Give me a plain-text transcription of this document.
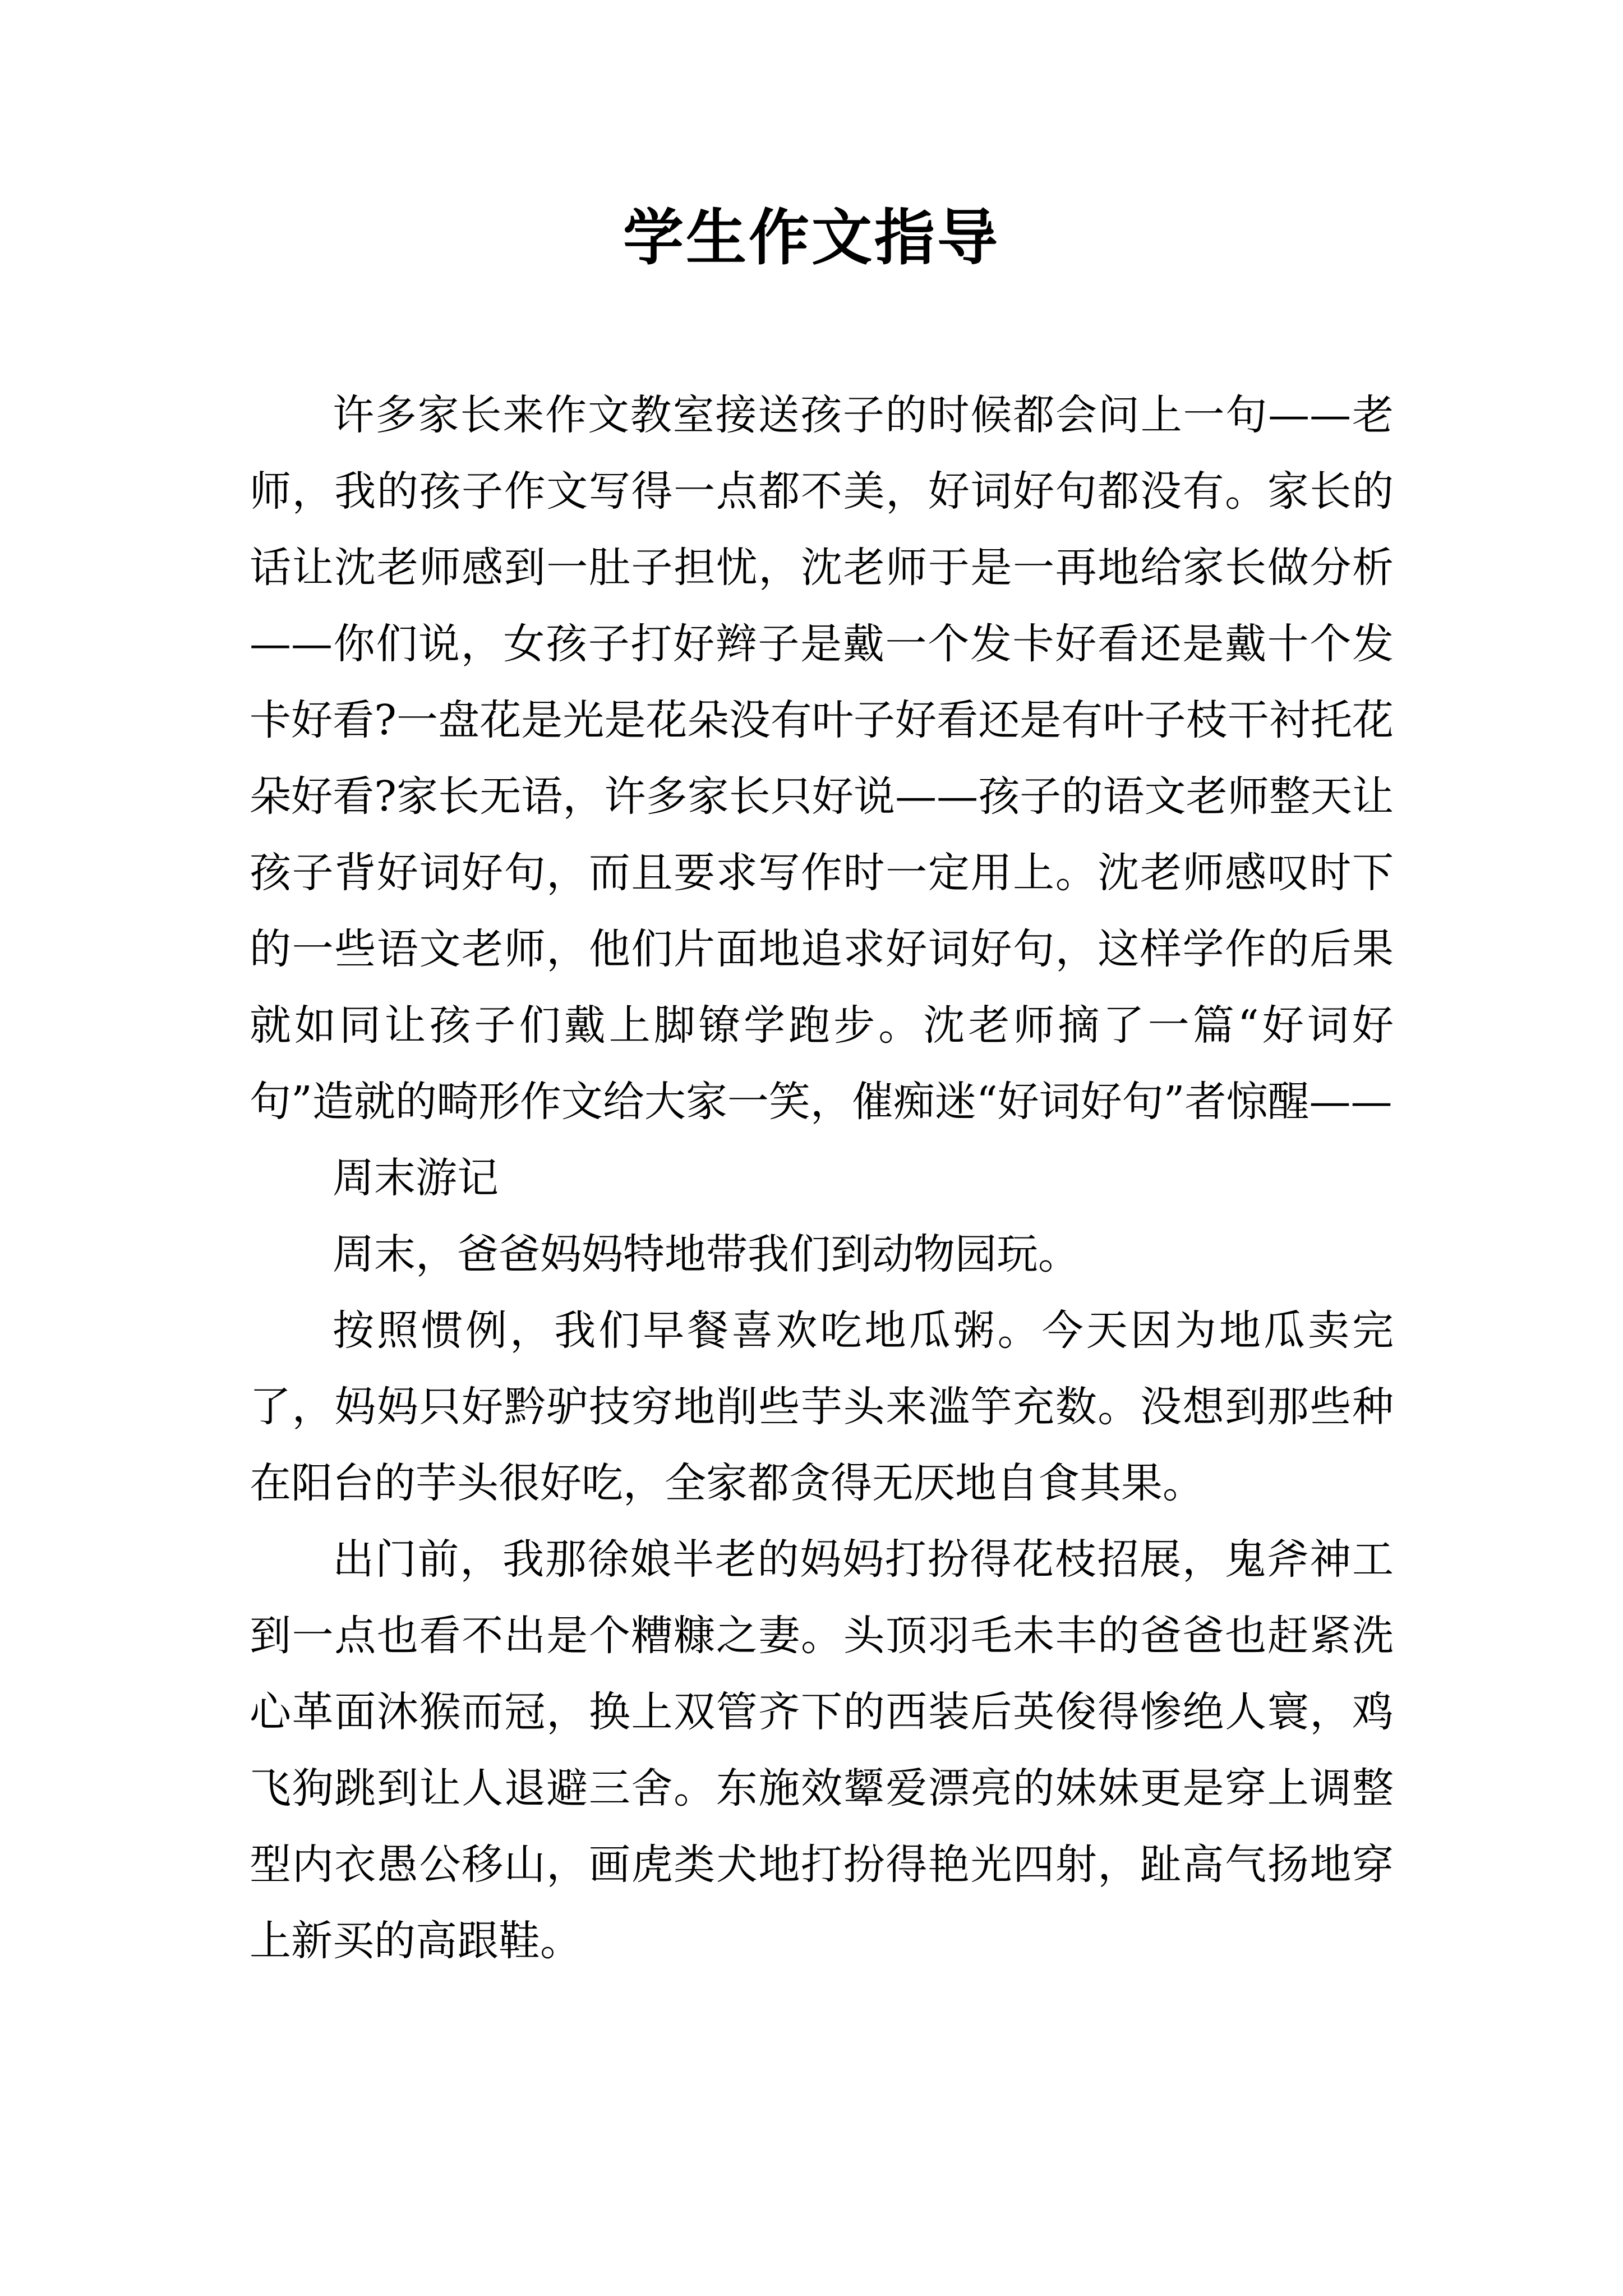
学生作文指导

许多家长来作文教室接送孩子的时候都会问上一句——老师，我的孩子作文写得一点都不美，好词好句都没有。家长的话让沈老师感到一肚子担忧，沈老师于是一再地给家长做分析——你们说，女孩子打好辫子是戴一个发卡好看还是戴十个发卡好看?一盘花是光是花朵没有叶子好看还是有叶子枝干衬托花朵好看?家长无语，许多家长只好说——孩子的语文老师整天让孩子背好词好句，而且要求写作时一定用上。沈老师感叹时下的一些语文老师，他们片面地追求好词好句，这样学作的后果就如同让孩子们戴上脚镣学跑步。沈老师摘了一篇“好词好句”造就的畸形作文给大家一笑，催痴迷“好词好句”者惊醒——

周末游记

周末，爸爸妈妈特地带我们到动物园玩。

按照惯例，我们早餐喜欢吃地瓜粥。今天因为地瓜卖完了，妈妈只好黔驴技穷地削些芋头来滥竽充数。没想到那些种在阳台的芋头很好吃，全家都贪得无厌地自食其果。

出门前，我那徐娘半老的妈妈打扮得花枝招展，鬼斧神工到一点也看不出是个糟糠之妻。头顶羽毛未丰的爸爸也赶紧洗心革面沐猴而冠，换上双管齐下的西装后英俊得惨绝人寰，鸡飞狗跳到让人退避三舍。东施效颦爱漂亮的妹妹更是穿上调整型内衣愚公移山，画虎类犬地打扮得艳光四射，趾高气扬地穿上新买的高跟鞋。
